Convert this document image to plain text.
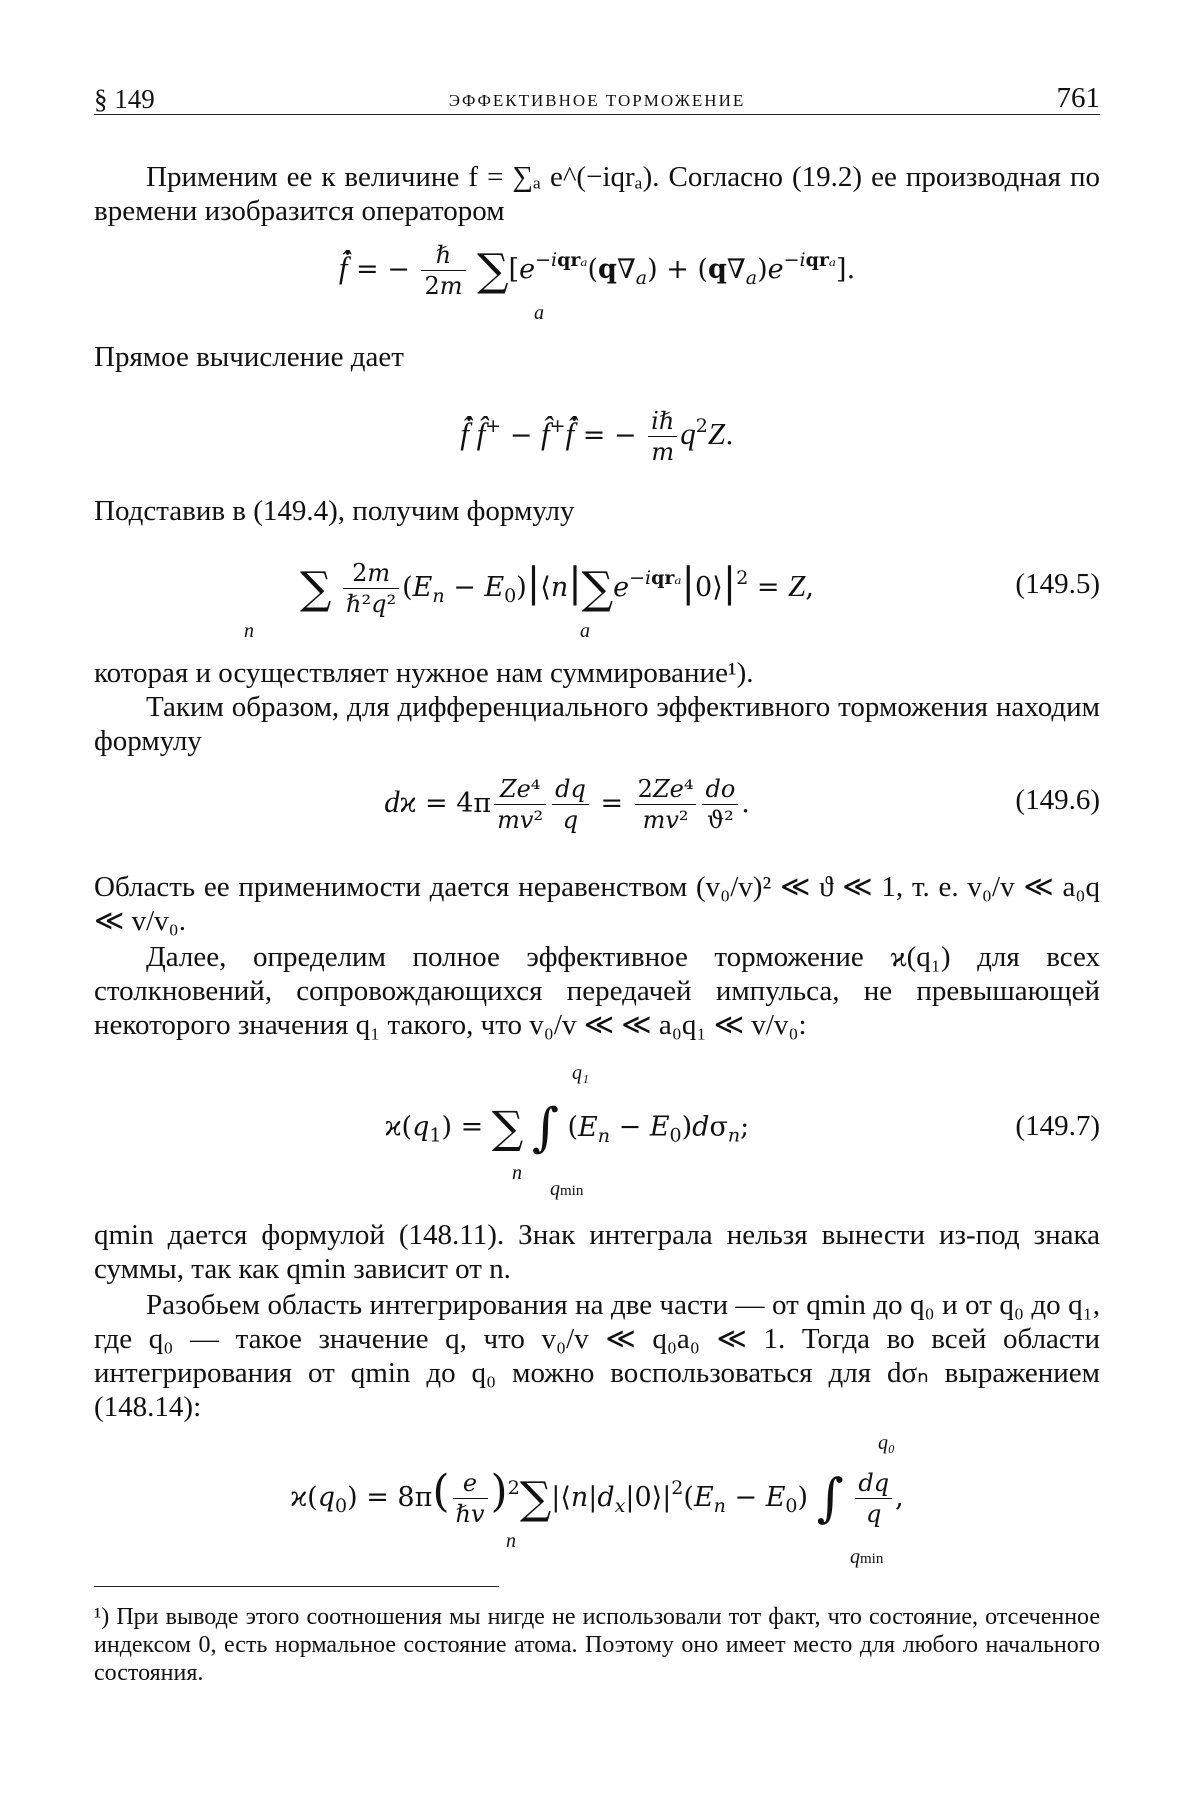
§ 149	ЭФФЕКТИВНОЕ ТОРМОЖЕНИЕ	761

Применим ее к величине f = ∑ₐ e^(−iqrₐ). Согласно (19.2) ее производная по времени изобразится оператором

f̂̇ = − $\frac{\text{ℏ}}{2m} \sum[e^{-iqr_a}(q\nabla_a) + (q\nabla_a)e^{-iqr_a}]$.
a

Прямое вычисление дает

f̂̇ f̂+ − f̂+f̂̇ = − $\frac{\text{iℏ}}{m} q^2Z$.

Подставив в (149.4), получим формулу

∑ $\frac{2m}{\text{ℏ²q²}} (E_n$ − $E_0)|⟨n|\sum e^{-iqr_a}|0⟩|^2 = Z$,
n	a
(149.5)

которая и осуществляет нужное нам суммирование¹).

Таким образом, для дифференциального эффективного торможения находим формулу

$dϰ = 4\pi \frac{\text{Ze⁴}}{\text{mv²}} \frac{dq}{q} = \frac{\text{2Ze⁴}}{\text{mv²}} \frac{do}{\text{ϑ²}}$ .	(149.6)

Область ее применимости дается неравенством (v₀/v)² ≪ ϑ ≪ 1, т. е. v₀/v ≪ a₀q ≪ v/v₀.

Далее, определим полное эффективное торможение ϰ(q₁) для всех столкновений, сопровождающихся передачей импульса, не превышающей некоторого значения q₁ такого, что v₀/v ≪ ≪ a₀q₁ ≪ v/v₀:

$ϰ(q_1)$ = ∑ ∫ $(E_n - E_0)d\sigma_n$;
q₁
n
qmin
(149.7)

qmin дается формулой (148.11). Знак интеграла нельзя вынести из-под знака суммы, так как qmin зависит от n.

Разобьем область интегрирования на две части — от qmin до q₀ и от q₀ до q₁, где q₀ — такое значение q, что v₀/v ≪ q₀a₀ ≪ 1. Тогда во всей области интегрирования от qmin до q₀ можно воспользоваться для dσₙ выражением (148.14):

$ϰ(q_0) = 8\pi( \frac{e}{\text{ℏv}}$ )$^2\sum|⟨n|d_x|0⟩|^2(E_n - E_0)$ ∫ $\frac{dq}{q}$ ,
q₀
n
qmin
¹) При выводе этого соотношения мы нигде не использовали тот факт, что состояние, отсеченное индексом 0, есть нормальное состояние атома. Поэтому оно имеет место для любого начального состояния.
